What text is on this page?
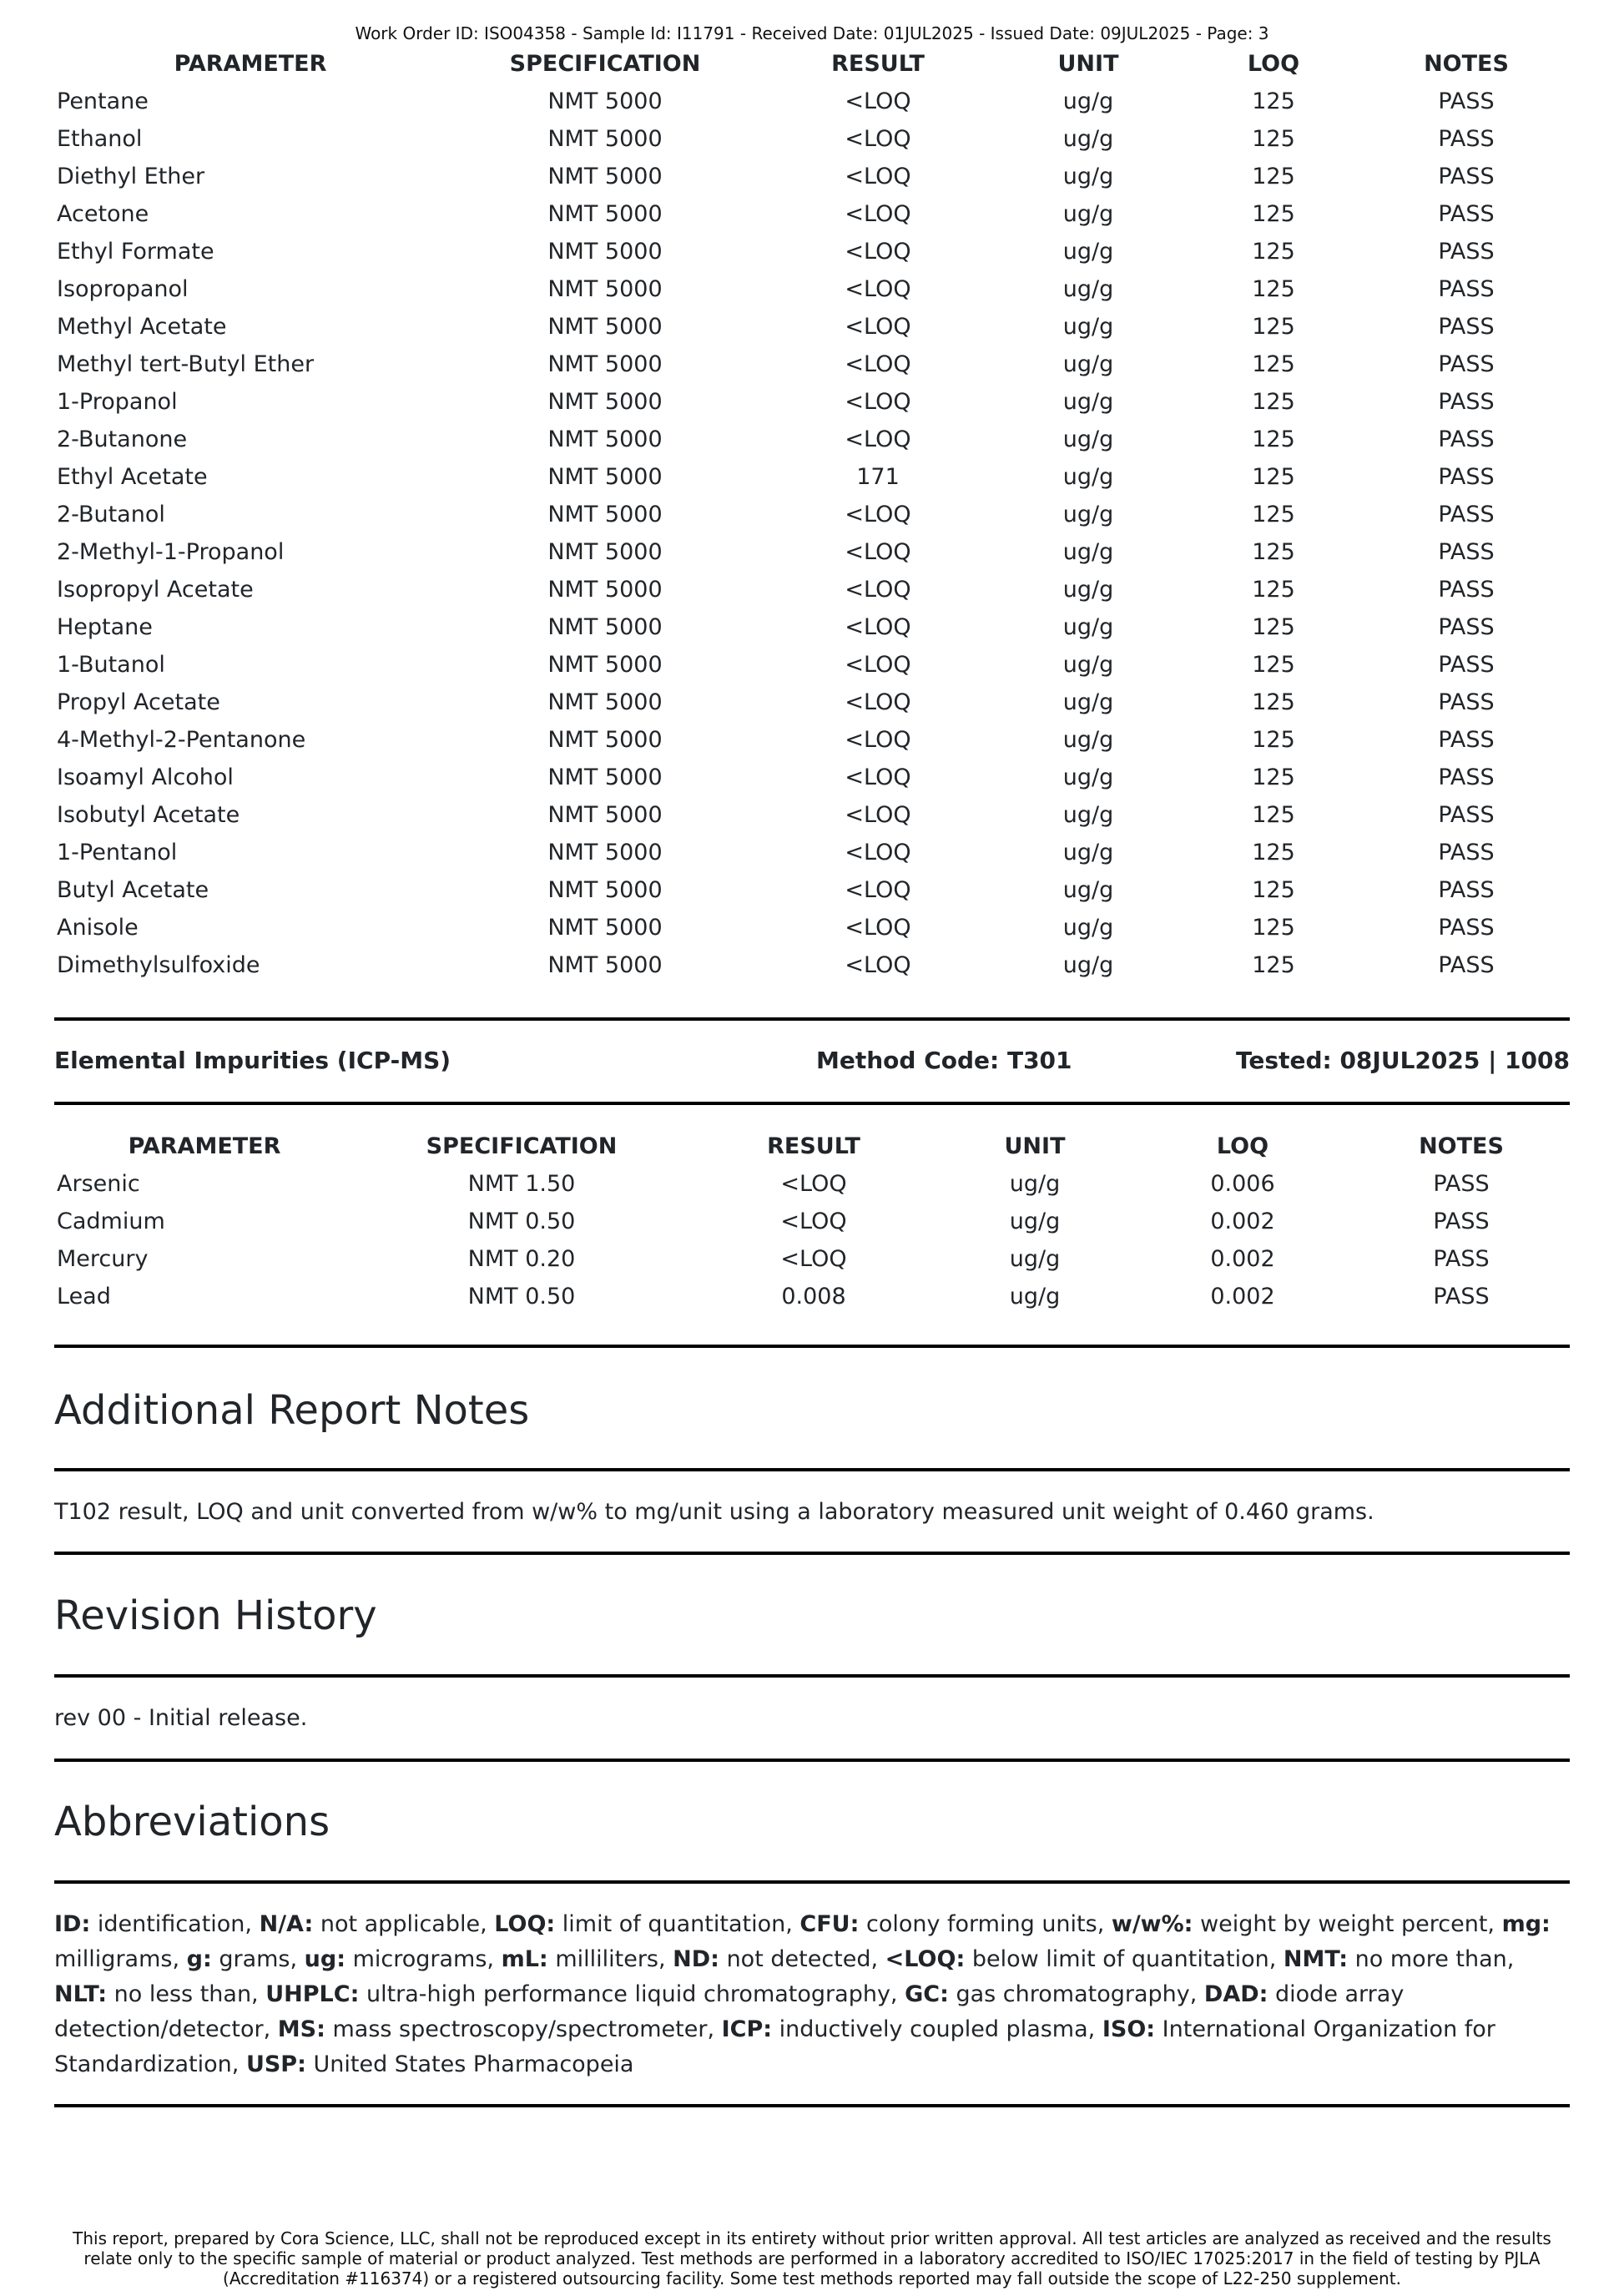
Work Order ID: ISO04358 - Sample Id: I11791 - Received Date: 01JUL2025 - Issued Date: 09JUL2025 - Page: 3
PARAMETER	SPECIFICATION	RESULT	UNIT	LOQ	NOTES
Pentane	NMT 5000	<LOQ	ug/g	125	PASS
Ethanol	NMT 5000	<LOQ	ug/g	125	PASS
Diethyl Ether	NMT 5000	<LOQ	ug/g	125	PASS
Acetone	NMT 5000	<LOQ	ug/g	125	PASS
Ethyl Formate	NMT 5000	<LOQ	ug/g	125	PASS
Isopropanol	NMT 5000	<LOQ	ug/g	125	PASS
Methyl Acetate	NMT 5000	<LOQ	ug/g	125	PASS
Methyl tert-Butyl Ether	NMT 5000	<LOQ	ug/g	125	PASS
1-Propanol	NMT 5000	<LOQ	ug/g	125	PASS
2-Butanone	NMT 5000	<LOQ	ug/g	125	PASS
Ethyl Acetate	NMT 5000	171	ug/g	125	PASS
2-Butanol	NMT 5000	<LOQ	ug/g	125	PASS
2-Methyl-1-Propanol	NMT 5000	<LOQ	ug/g	125	PASS
Isopropyl Acetate	NMT 5000	<LOQ	ug/g	125	PASS
Heptane	NMT 5000	<LOQ	ug/g	125	PASS
1-Butanol	NMT 5000	<LOQ	ug/g	125	PASS
Propyl Acetate	NMT 5000	<LOQ	ug/g	125	PASS
4-Methyl-2-Pentanone	NMT 5000	<LOQ	ug/g	125	PASS
Isoamyl Alcohol	NMT 5000	<LOQ	ug/g	125	PASS
Isobutyl Acetate	NMT 5000	<LOQ	ug/g	125	PASS
1-Pentanol	NMT 5000	<LOQ	ug/g	125	PASS
Butyl Acetate	NMT 5000	<LOQ	ug/g	125	PASS
Anisole	NMT 5000	<LOQ	ug/g	125	PASS
Dimethylsulfoxide	NMT 5000	<LOQ	ug/g	125	PASS
Elemental Impurities (ICP-MS)	Method Code: T301	Tested: 08JUL2025 | 1008
PARAMETER	SPECIFICATION	RESULT	UNIT	LOQ	NOTES
Arsenic	NMT 1.50	<LOQ	ug/g	0.006	PASS
Cadmium	NMT 0.50	<LOQ	ug/g	0.002	PASS
Mercury	NMT 0.20	<LOQ	ug/g	0.002	PASS
Lead	NMT 0.50	0.008	ug/g	0.002	PASS
Additional Report Notes
T102 result, LOQ and unit converted from w/w% to mg/unit using a laboratory measured unit weight of 0.460 grams.
Revision History
rev 00 - Initial release.
Abbreviations
ID: identification, N/A: not applicable, LOQ: limit of quantitation, CFU: colony forming units, w/w%: weight by weight percent, mg: milligrams, g: grams, ug: micrograms, mL: milliliters, ND: not detected, <LOQ: below limit of quantitation, NMT: no more than, NLT: no less than, UHPLC: ultra-high performance liquid chromatography, GC: gas chromatography, DAD: diode array detection/detector, MS: mass spectroscopy/spectrometer, ICP: inductively coupled plasma, ISO: International Organization for Standardization, USP: United States Pharmacopeia
This report, prepared by Cora Science, LLC, shall not be reproduced except in its entirety without prior written approval. All test articles are analyzed as received and the results relate only to the specific sample of material or product analyzed. Test methods are performed in a laboratory accredited to ISO/IEC 17025:2017 in the field of testing by PJLA (Accreditation #116374) or a registered outsourcing facility. Some test methods reported may fall outside the scope of L22-250 supplement.
